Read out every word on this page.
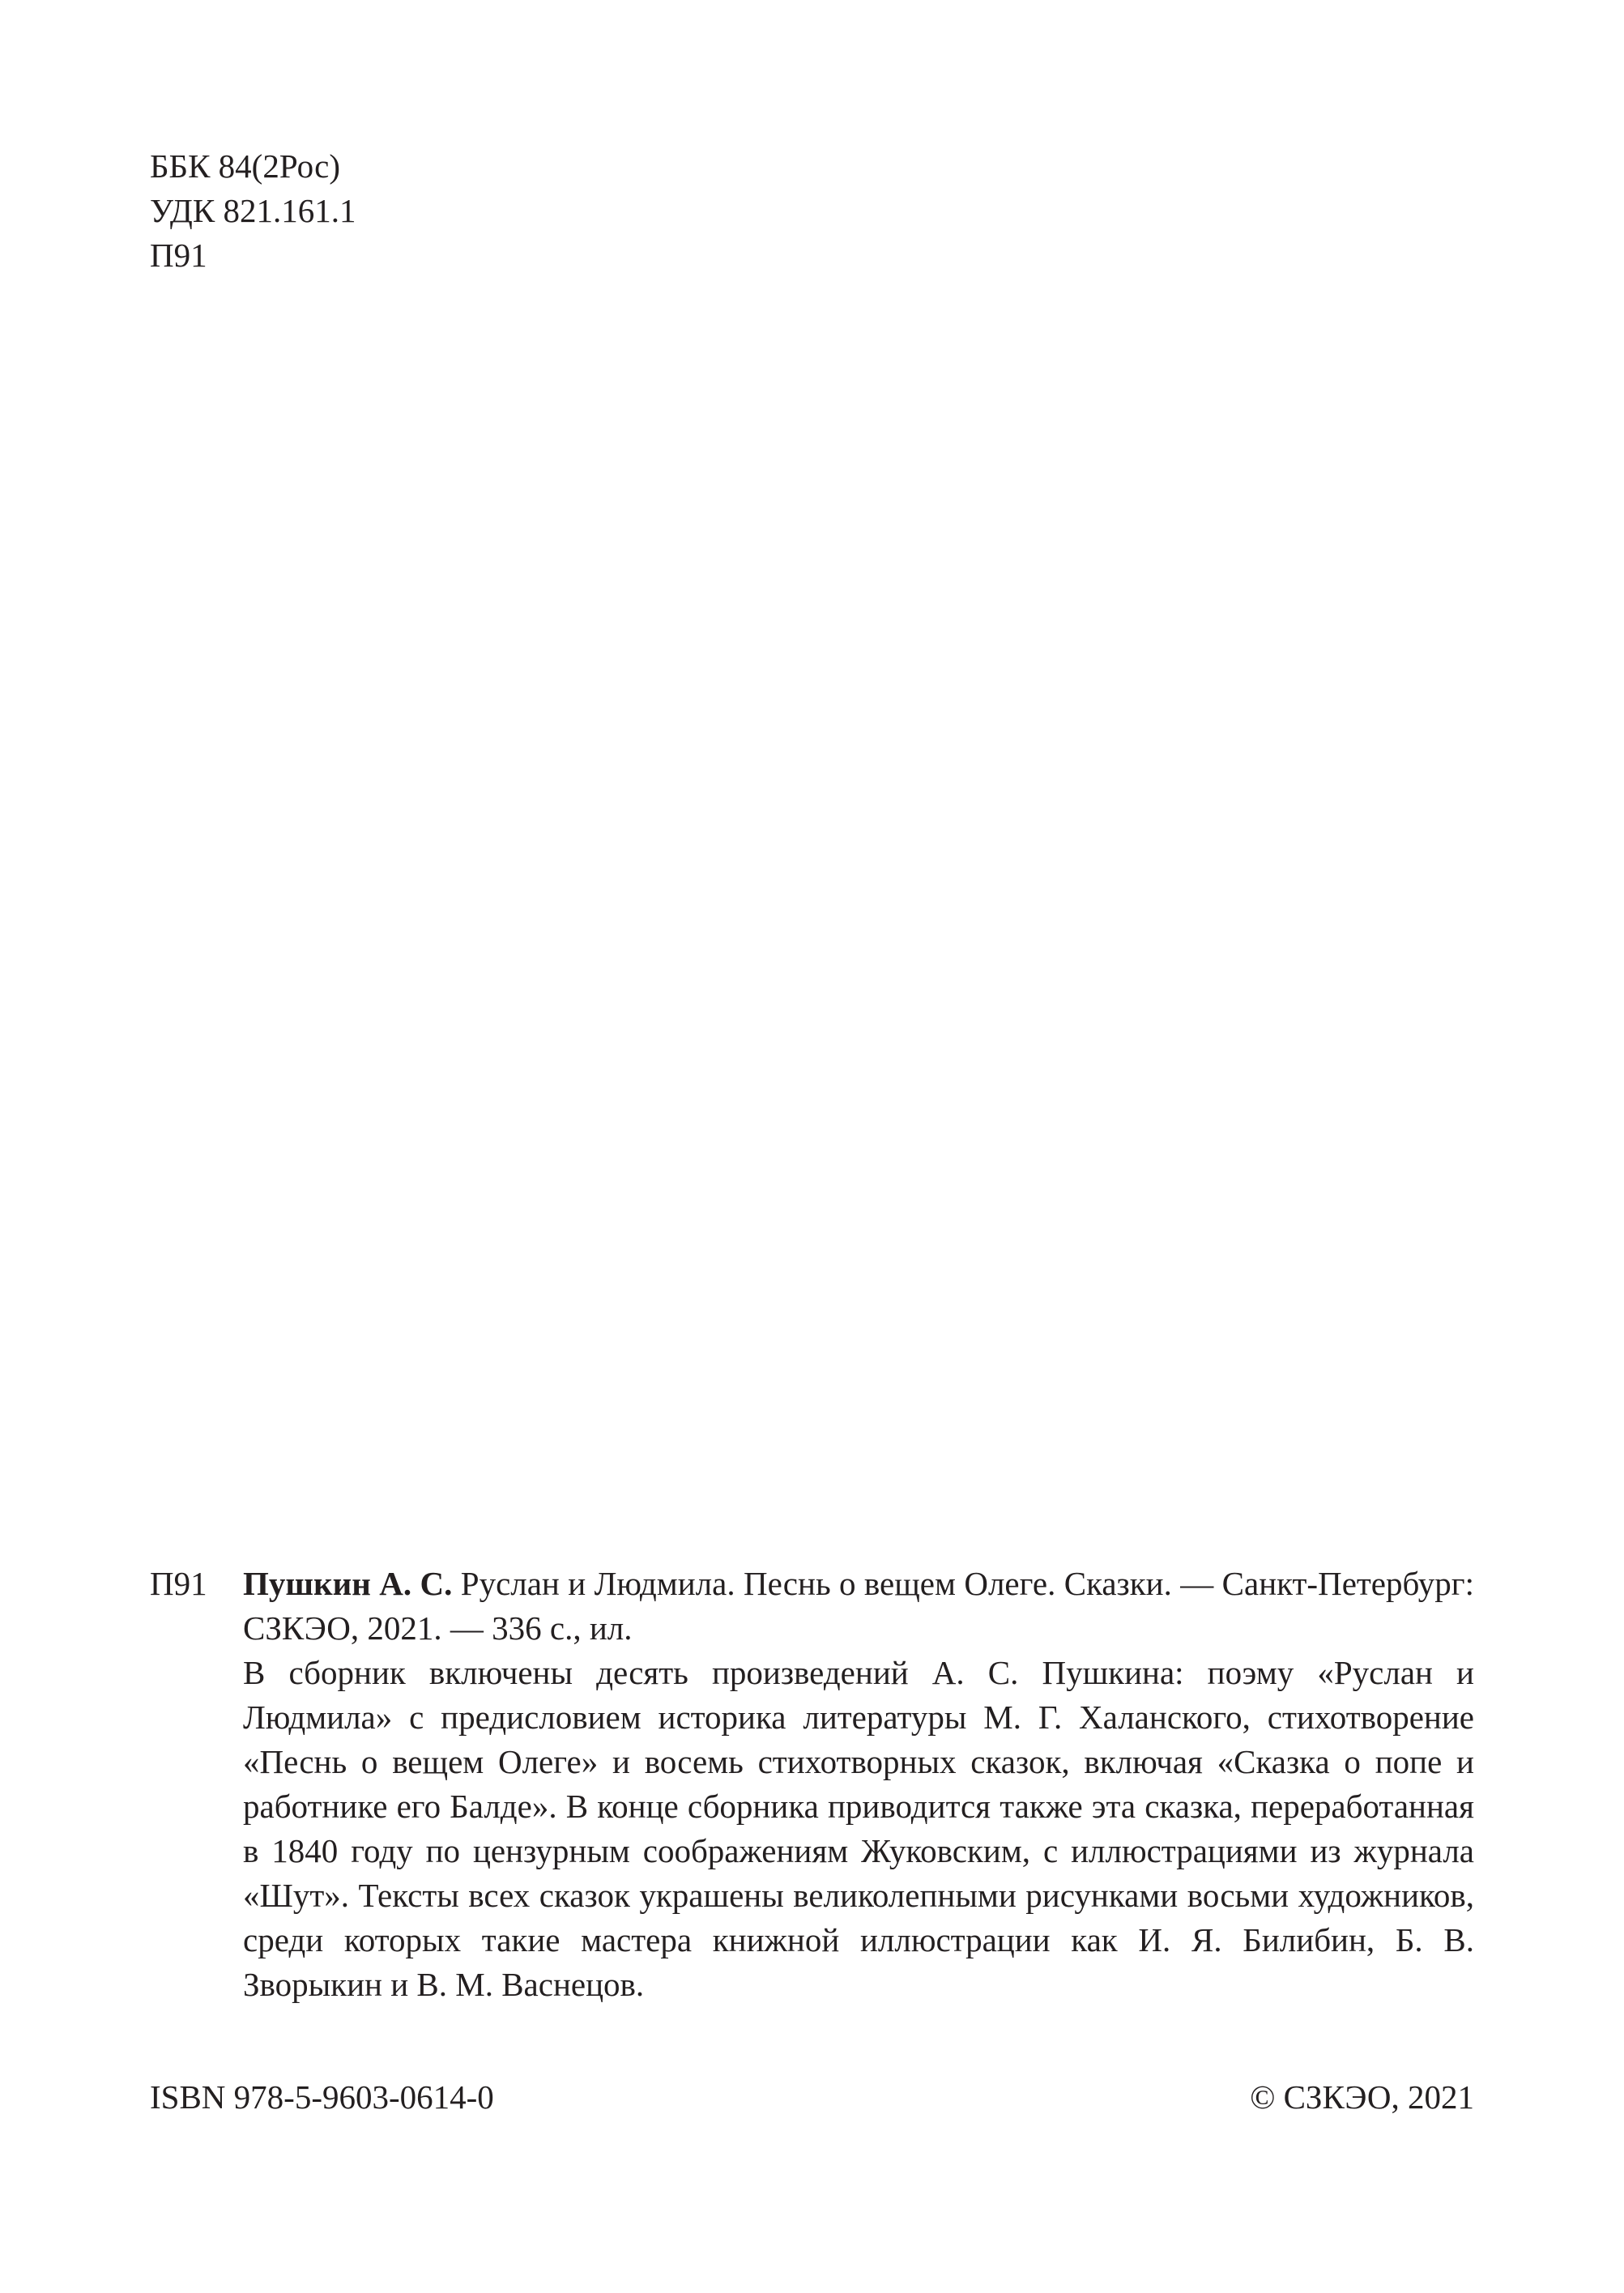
ББК 84(2Рос)
УДК 821.161.1
П91
П91 Пушкин А. С. Руслан и Людмила. Песнь о вещем Олеге. Сказки. — Санкт-Петербург: СЗКЭО, 2021. — 336 с., ил.

В сборник включены десять произведений А. С. Пушкина: поэму «Руслан и Людмила» с предисловием историка литературы М. Г. Халанского, стихотворение «Песнь о вещем Олеге» и восемь стихотворных сказок, включая «Сказка о попе и работнике его Балде». В конце сборника приводится также эта сказка, переработанная в 1840 году по цензурным соображениям Жуковским, с иллюстрациями из журнала «Шут». Тексты всех сказок украшены великолепными рисунками восьми художников, среди которых такие мастера книжной иллюстрации как И. Я. Билибин, Б. В. Зворыкин и В. М. Васнецов.

ISBN 978-5-9603-0614-0	© СЗКЭО, 2021
